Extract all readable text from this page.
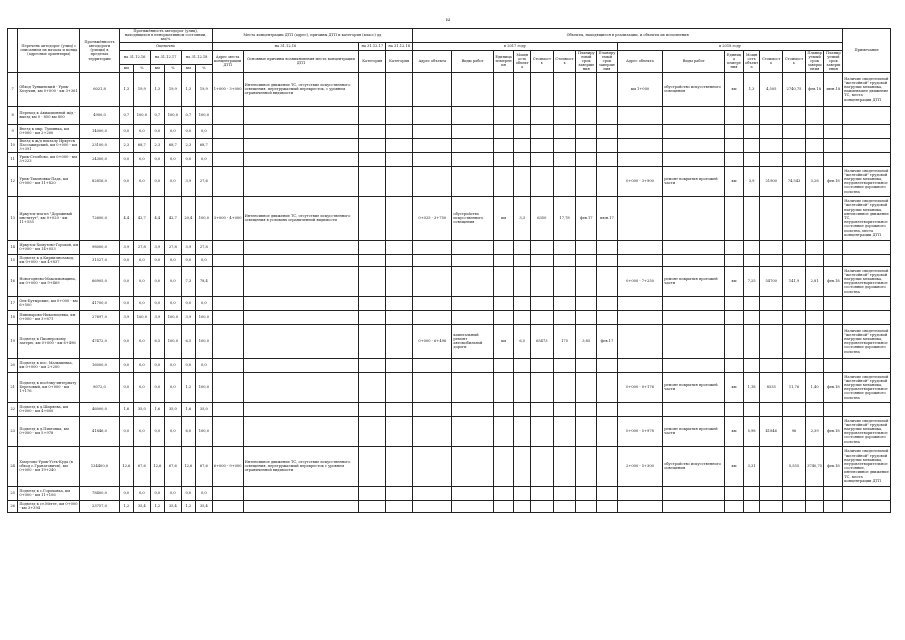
ы
	Перечень автодорог (улиц) с описанием их начала и конца (адресные ориентиры)	Протяжённость автодороги (улицы) в пределах территории	Протяжённость автодорог (улиц), находящихся в ненормативном состоянии, км/%						Места концентрации ДТП (адрес), причины ДТП и категория (класс) дд				Объекты, находящиеся в реализации, и объекты их исполнения																Примечание
			Оценочно						на 31.12.16		на 31.12.17	на 31.12.18	в 2017 году								в 2018 году								
			на 31.12.16		на 31.12.17		на 31.12.18		Адрес места концентрации ДТП	Основные причины возникновения места концентрации ДТП	Категория	Категория	Адрес объекта	Виды работ	Единица измерения	Мощность объекта	Стоимость	Стоимость	Планируемый срок завершения	Планируемый срок завершения	Адрес объекта	Виды работ	Единица измерения	Мощность объекта	Стоимость	Стоимость	Планируемый срок завершения	Планируемый срок завершения	
			км	%	км	%	км	%																					
7	Обход Тункинский - Урик-Хозучин, км 0+000 - км 3+361	6021,8	1,3	19,9	1,3	19,9	1,3	19,9	1+000 - 3+000	Интенсивное движение ТС, отсутствие искусственного освещения, перегружаемый перекресток, с уровнем ограниченной видимости											км 1+000	обустройство искусственного освещения	км	1,3	4,505	2740,75	фев.18	июн.18	Наличие свидетельной "желтойной" трудовой нагрузки механика, наименьшее движение ТС, места концентрации ДТП
8	Переход к Авиационной ж/д - выезд км 0 - 850 км 800	4900,0	0,7	100,0	0,7	100,0	0,7	100,0																					
9	Въезд к мкр. Тушинка, км 0+000 - км 2+200	14000,0	0,0	0,0	0,0	0,0	0,0	0,0																					
10	Въезд к ж/д вокзалу Иркутск Пассажирский, км 0+000 - км 3+391	23100,0	2,3	68,7	2,3	68,7	2,3	68,7																					
11	Урик-Столбово, км 0+000 - км 3+223	24300,0	0,0	0,0	0,0	0,0	0,0	0,0																					
12	Урик-Тихоновка-Падь, км 0+000 - км 11+820	82816,0	0,0	0,0	0,0	0,0	3,9	27,6													0+000 - 3+900	ремонт покрытия проезжей части	км	3,9	21900	74,543	3,28	фев.18	Наличие свидетельной "желтойной" трудовой нагрузки механика, неудовлетворительное состояние дорожного полотна
13	Иркутск-иза-из "Дорожный институт", км 0+020 - км 11+555	72600,0	4,4	42,7	4,4	42,7	20,4	100,0	3+000 - 4+000	Интенсивное движение ТС, отсутствие искусственного освещения в условиях ограниченной видимости			0+025 - 3+750	обустройство искусственного освещения	км	3,3	6350	17,78	фев.17	июн.17									Наличие свидетельной "желтойной" трудовой нагрузки механика, интенсивное движение ТС, неудовлетворительное состояние дорожного полотна, места концентрации ДТП
14	Иркутск-Хомутово-Горохов, км 0+000 - км 14+053	98000,0	3,9	27,8	3,9	27,8	3,9	27,8																					
15	Подъезд к д.Кирпичнозавод, км 0+000 - км 4+837	31527,0	0,0	0,0	0,0	0,0	0,0	0,0																					
16	Новогоднево-Максимовщина, км 0+000 - км 9+469	66905,0	0,0	0,0	0,0	0,0	7,3	78,4													0+000 - 7+250	ремонт покрытия проезжей части	км	7,25	54700	141,9	2,81	фев.18	Наличие свидетельной "желтойной" трудовой нагрузки механика, неудовлетворительное состояние дорожного полотна
17	Оек-Бутырские, км 0+000 - км 6+500	41700,0	0,0	0,0	0,0	0,0	0,0	0,0																					
18	Пивоварово-Никольцевка, км 0+000 - км 3+871	27697,0	3,9	100,0	3,9	100,0	3,9	100,0																					
19	Подъезд к Пионерскому лагерю, км 0+000 - км 6+496	47472,0	0,0	0,0	6,5	100,0	6,5	100,0					0+000 - 6+496	капитальный ремонт автомобильной дороги	км	6,5	65473	175	3,85	фев.17									Наличие свидетельной "желтойной" трудовой нагрузки механика, неудовлетворительное состояние дорожного полотна
20	Подъезд к пос. Малышевка, км 0+000 - км 2+200	16000,0	0,0	0,0	0,0	0,0	0,0	0,0																					
21	Подъезд к посёлку-интернату Березовый, км 0+000 - км 1+176	8072,0	0,0	0,0	0,0	0,0	1,2	100,0													0+000 - 0+176	ремонт покрытия проезжей части	км	1,18	8535	11,76	1,40	фев.18	Наличие свидетельной "желтойной" трудовой нагрузки механика, неудовлетворительное состояние дорожного полотна
22	Подъезд к д.Ширяева, км 0+000 - км 4+600	46000,0	1,6	35,0	1,6	35,0	1,6	35,0																					
23	Подъезд к д.Пихтовка, км 0+000 - км 5+978	41846,0	0,0	0,0	0,0	0,0	6,0	100,0													0+000 - 5+978	ремонт покрытия проезжей части	км	5,98	41846	96	2,39	фев.18	Наличие свидетельной "желтойной" трудовой нагрузки механика, неудовлетворительное состояние дорожного полотна
24	Хомутово-Урик-Усть-Куда (в обход с.Гранатовичи), км 0+000 - км 19+240	134400,0	12,6	67,6	12,6	67,6	12,6	67,6	6+000 - 9+000	Интенсивное движение ТС, отсутствие искусственного освещения, перегружаемый перекресток с уровнем ограниченной видимости											2+000 - 5+300	обустройство искусственного освещения	км	3,31		5,555	3740,75	фев.18	Наличие свидетельной "желтойной" трудовой нагрузки механика, неудовлетворительное состояние, интенсивное движение ТС, места концентрации ДТП
25	Подъезд к с.Гороховка, км 0+000 - км 11+106	78400,0	0,0	0,0	0,0	0,0	0,0	0,0																					
26	Подъезд к ст.Мегет, км 0+000 - км 3+394	23757,0	1,2	35,4	1,2	35,4	1,2	35,4																					
